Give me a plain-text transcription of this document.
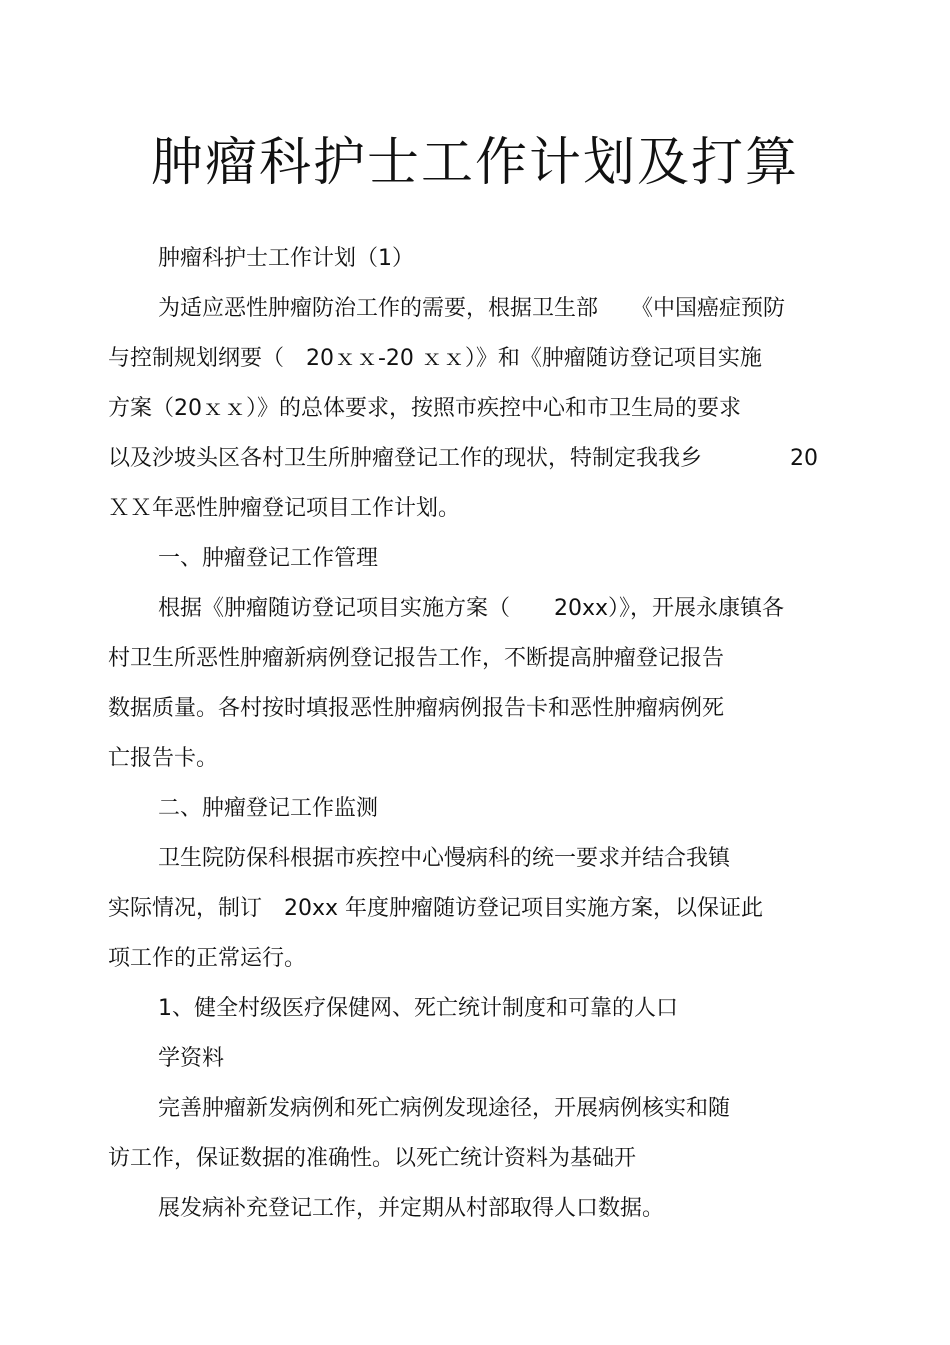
肿瘤科护士工作计划及打算

肿瘤科护士工作计划（1）

为适应恶性肿瘤防治工作的需要，根据卫生部　　《中国癌症预防

与控制规划纲要（　20ｘｘ-20 ｘｘ）》和《肿瘤随访登记项目实施

方案（20ｘｘ）》的总体要求，按照市疾控中心和市卫生局的要求

以及沙坡头区各村卫生所肿瘤登记工作的现状，特制定我我乡　　　　20

ＸＸ年恶性肿瘤登记项目工作计划。

一、肿瘤登记工作管理

根据《肿瘤随访登记项目实施方案（　　20xx）》，开展永康镇各

村卫生所恶性肿瘤新病例登记报告工作，不断提高肿瘤登记报告

数据质量。各村按时填报恶性肿瘤病例报告卡和恶性肿瘤病例死

亡报告卡。

二、肿瘤登记工作监测

卫生院防保科根据市疾控中心慢病科的统一要求并结合我镇

实际情况，制订　20xx 年度肿瘤随访登记项目实施方案，以保证此

项工作的正常运行。

1、健全村级医疗保健网、死亡统计制度和可靠的人口

学资料

完善肿瘤新发病例和死亡病例发现途径，开展病例核实和随

访工作，保证数据的准确性。以死亡统计资料为基础开

展发病补充登记工作，并定期从村部取得人口数据。
